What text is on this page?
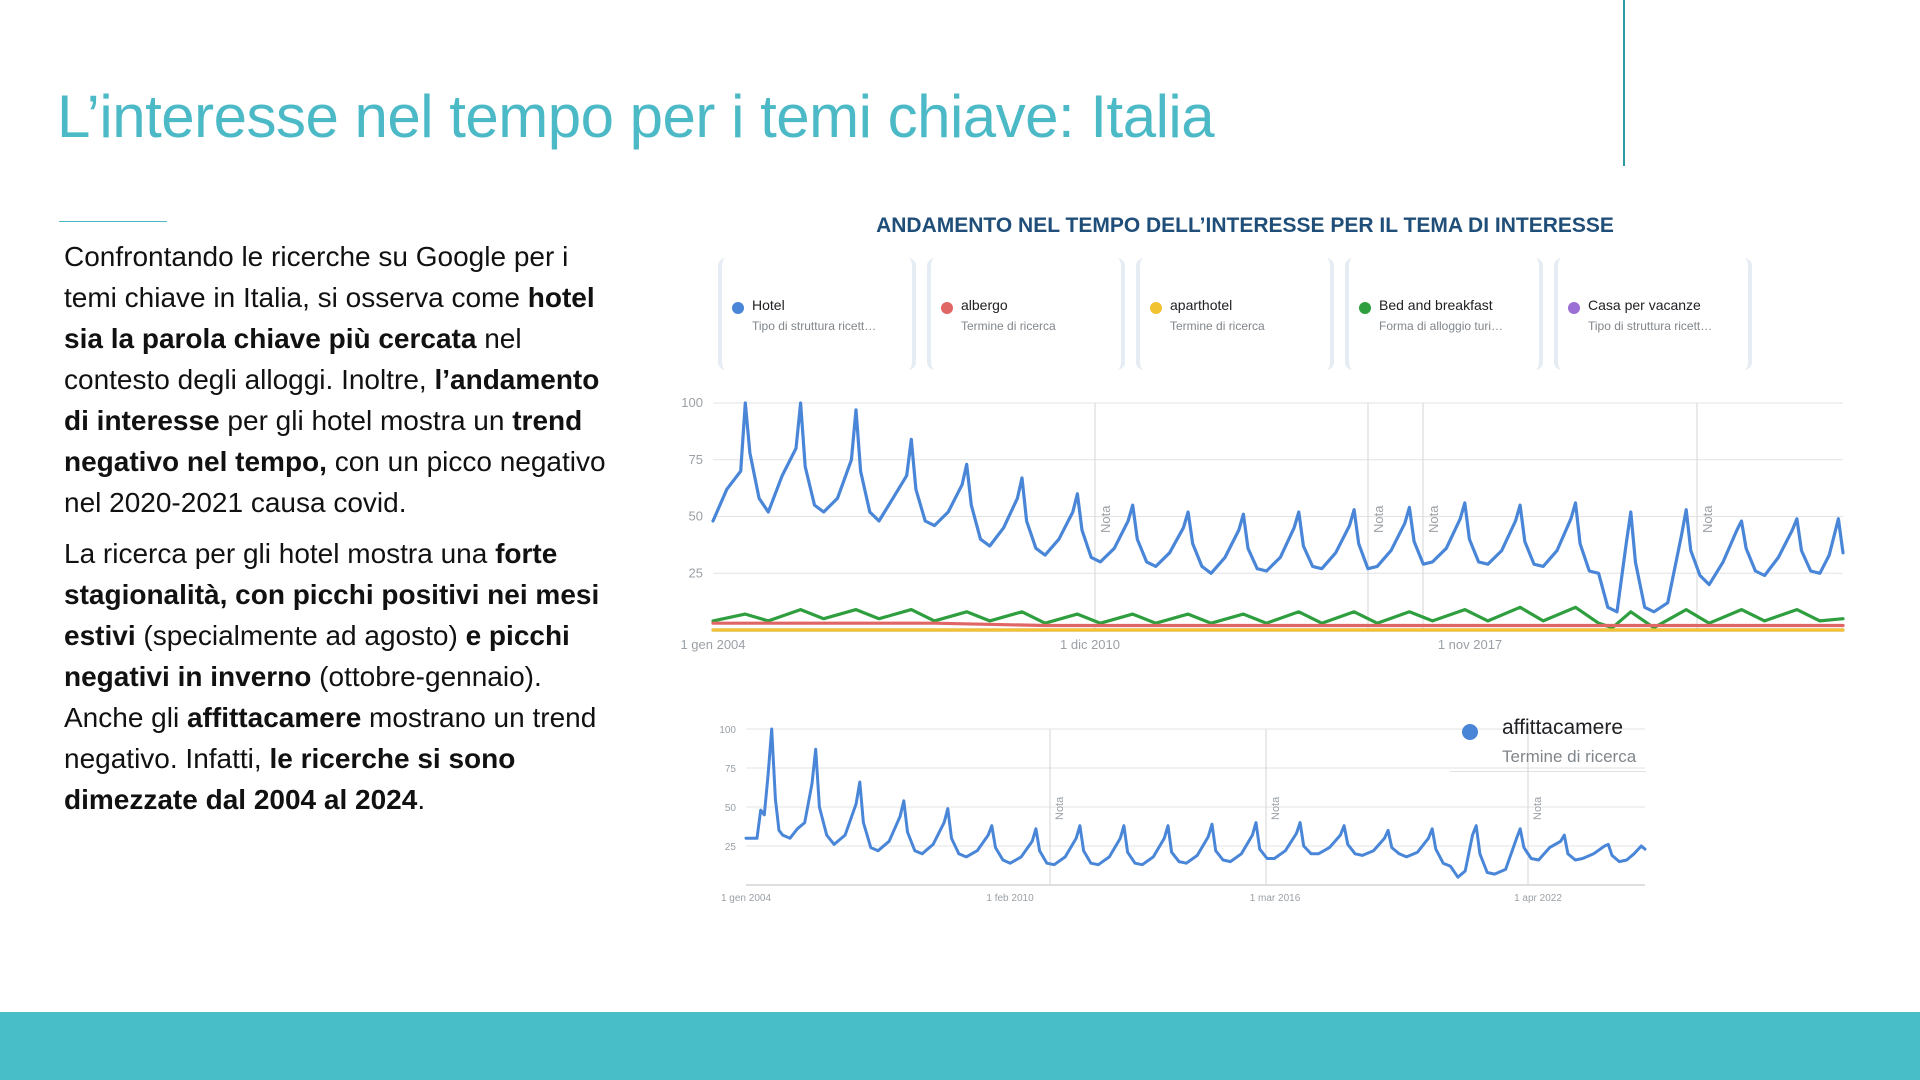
L’interesse nel tempo per i temi chiave: Italia

Confrontando le ricerche su Google per i temi chiave in Italia, si osserva come hotel sia la parola chiave più cercata nel contesto degli alloggi. Inoltre, l’andamento di interesse per gli hotel mostra un trend negativo nel tempo, con un picco negativo nel 2020-2021 causa covid.

La ricerca per gli hotel mostra una forte stagionalità, con picchi positivi nei mesi estivi (specialmente ad agosto) e picchi negativi in inverno (ottobre-gennaio). Anche gli affittacamere mostrano un trend negativo. Infatti, le ricerche si sono dimezzate dal 2004 al 2024.

ANDAMENTO NEL TEMPO DELL’INTERESSE PER IL TEMA DI INTERESSE
Hotel
Tipo di struttura ricett…
albergo
Termine di ricerca
aparthotel
Termine di ricerca
Bed and breakfast
Forma di alloggio turi…
Casa per vacanze
Tipo di struttura ricett…
100
75
50
25
1 gen 2004	1 dic 2010	1 nov 2017
Nota	Nota	Nota	Nota
100
75
50
25
1 gen 2004	1 feb 2010	1 mar 2016	1 apr 2022
Nota	Nota	Nota
affittacamere
Termine di ricerca
